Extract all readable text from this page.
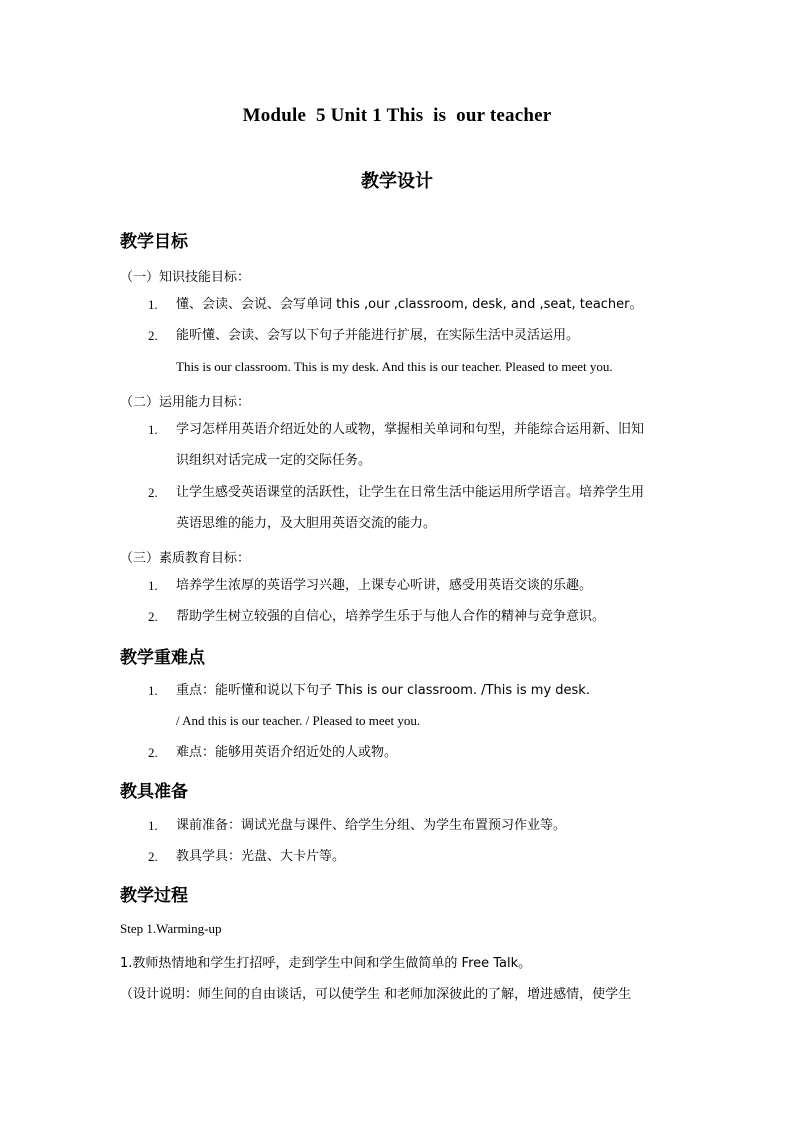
Module  5 Unit 1 This  is  our teacher
教学设计
教学目标
（一）知识技能目标：
1.	懂、会读、会说、会写单词 this ,our ,classroom, desk, and ,seat, teacher。
2.	能听懂、会读、会写以下句子并能进行扩展，在实际生活中灵活运用。
This is our classroom. This is my desk. And this is our teacher. Pleased to meet you.
（二）运用能力目标：
1.	学习怎样用英语介绍近处的人或物，掌握相关单词和句型，并能综合运用新、旧知
识组织对话完成一定的交际任务。
2.	让学生感受英语课堂的活跃性，让学生在日常生活中能运用所学语言。培养学生用
英语思维的能力，及大胆用英语交流的能力。
（三）素质教育目标：
1.	培养学生浓厚的英语学习兴趣，上课专心听讲，感受用英语交谈的乐趣。
2.	帮助学生树立较强的自信心，培养学生乐于与他人合作的精神与竞争意识。
教学重难点
1.	重点：能听懂和说以下句子 This is our classroom. /This is my desk.
/ And this is our teacher. / Pleased to meet you.
2.	难点：能够用英语介绍近处的人或物。
教具准备
1.	课前准备：调试光盘与课件、给学生分组、为学生布置预习作业等。
2.	教具学具：光盘、大卡片等。
教学过程
Step 1.Warming-up
1.教师热情地和学生打招呼，走到学生中间和学生做简单的 Free Talk。
（设计说明：师生间的自由谈话，可以使学生 和老师加深彼此的了解，增进感情，使学生
